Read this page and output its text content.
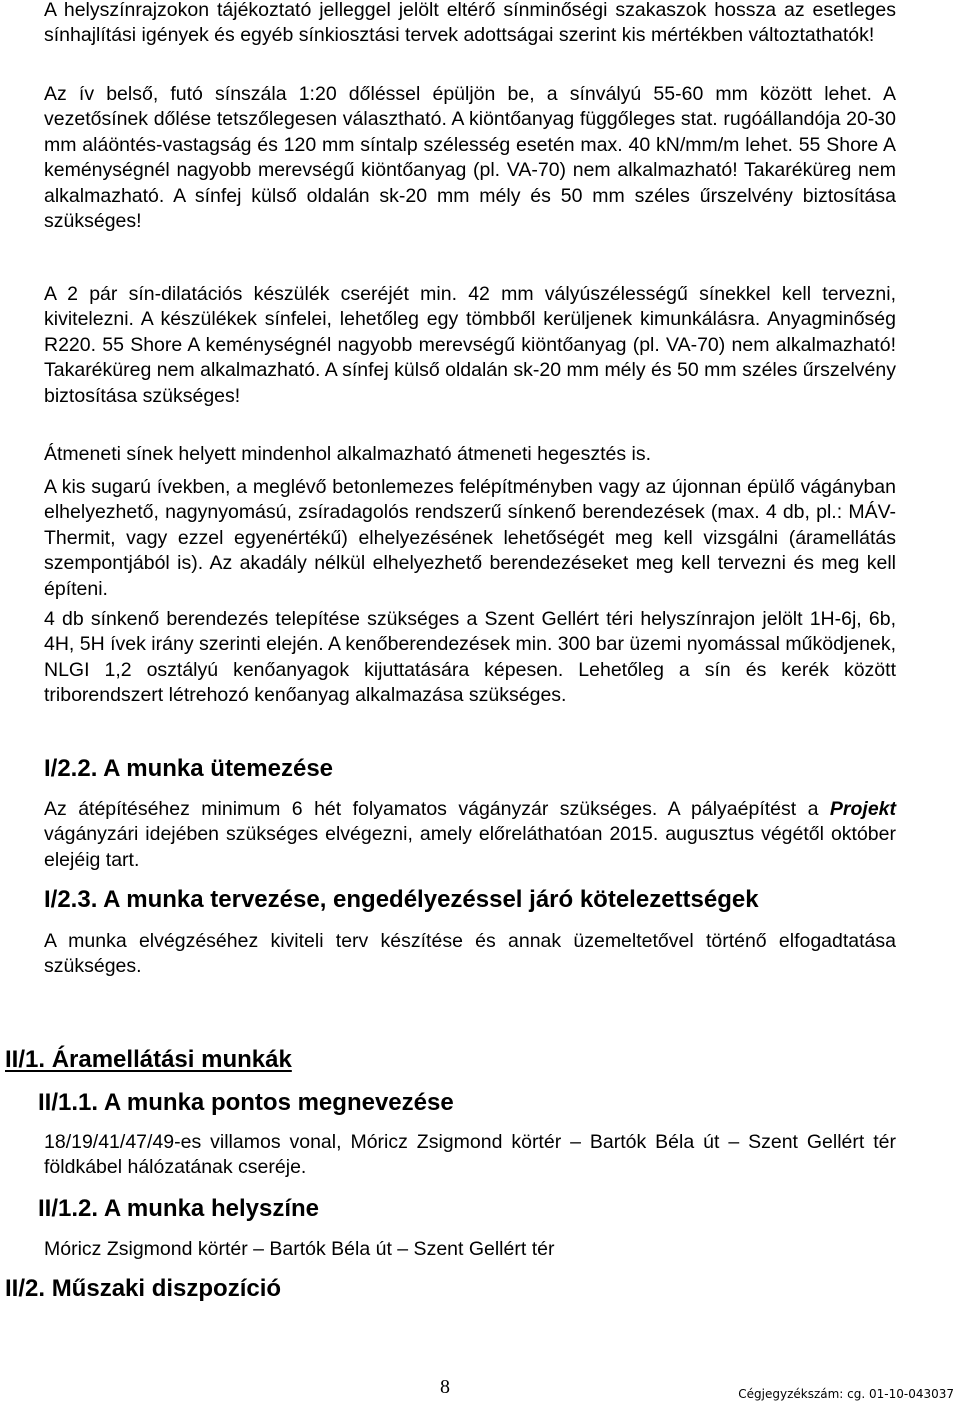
A helyszínrajzokon tájékoztató jelleggel jelölt eltérő sínminőségi szakaszok hossza az esetleges sínhajlítási igények és egyéb sínkiosztási tervek adottságai szerint kis mértékben változtathatók!

Az ív belső, futó sínszála 1:20 dőléssel épüljön be, a sínvályú 55-60 mm között lehet. A vezetősínek dőlése tetszőlegesen választható. A kiöntőanyag függőleges stat. rugóállandója 20-30 mm aláöntés-vastagság és 120 mm síntalp szélesség esetén max. 40 kN/mm/m lehet. 55 Shore A keménységnél nagyobb merevségű kiöntőanyag (pl. VA-70) nem alkalmazható! Takaréküreg nem alkalmazható. A sínfej külső oldalán sk-20 mm mély és 50 mm széles űrszelvény biztosítása szükséges!

A 2 pár sín-dilatációs készülék cseréjét min. 42 mm vályúszélességű sínekkel kell tervezni, kivitelezni. A készülékek sínfelei, lehetőleg egy tömbből kerüljenek kimunkálásra. Anyagminőség R220. 55 Shore A keménységnél nagyobb merevségű kiöntőanyag (pl. VA-70) nem alkalmazható! Takaréküreg nem alkalmazható. A sínfej külső oldalán sk-20 mm mély és 50 mm széles űrszelvény biztosítása szükséges!

Átmeneti sínek helyett mindenhol alkalmazható átmeneti hegesztés is.

A kis sugarú ívekben, a meglévő betonlemezes felépítményben vagy az újonnan épülő vágányban elhelyezhető, nagynyomású, zsíradagolós rendszerű sínkenő berendezések (max. 4 db, pl.: MÁV-Thermit, vagy ezzel egyenértékű) elhelyezésének lehetőségét meg kell vizsgálni (áramellátás szempontjából is). Az akadály nélkül elhelyezhető berendezéseket meg kell tervezni és meg kell építeni.

4 db sínkenő berendezés telepítése szükséges a Szent Gellért téri helyszínrajon jelölt 1H-6j, 6b, 4H, 5H ívek irány szerinti elején. A kenőberendezések min. 300 bar üzemi nyomással működjenek, NLGI 1,2 osztályú kenőanyagok kijuttatására képesen. Lehetőleg a sín és kerék között triborendszert létrehozó kenőanyag alkalmazása szükséges.

I/2.2. A munka ütemezése

Az átépítéséhez minimum 6 hét folyamatos vágányzár szükséges. A pályaépítést a Projekt vágányzári idejében szükséges elvégezni, amely előreláthatóan 2015. augusztus végétől október elejéig tart.

I/2.3. A munka tervezése, engedélyezéssel járó kötelezettségek

A munka elvégzéséhez kiviteli terv készítése és annak üzemeltetővel történő elfogadtatása szükséges.

II/1. Áramellátási munkák
II/1.1. A munka pontos megnevezése

18/19/41/47/49-es villamos vonal, Móricz Zsigmond körtér – Bartók Béla út – Szent Gellért tér földkábel hálózatának cseréje.

II/1.2. A munka helyszíne

Móricz Zsigmond körtér – Bartók Béla út – Szent Gellért tér

II/2. Műszaki diszpozíció
8	Cégjegyzékszám: cg. 01-10-043037
